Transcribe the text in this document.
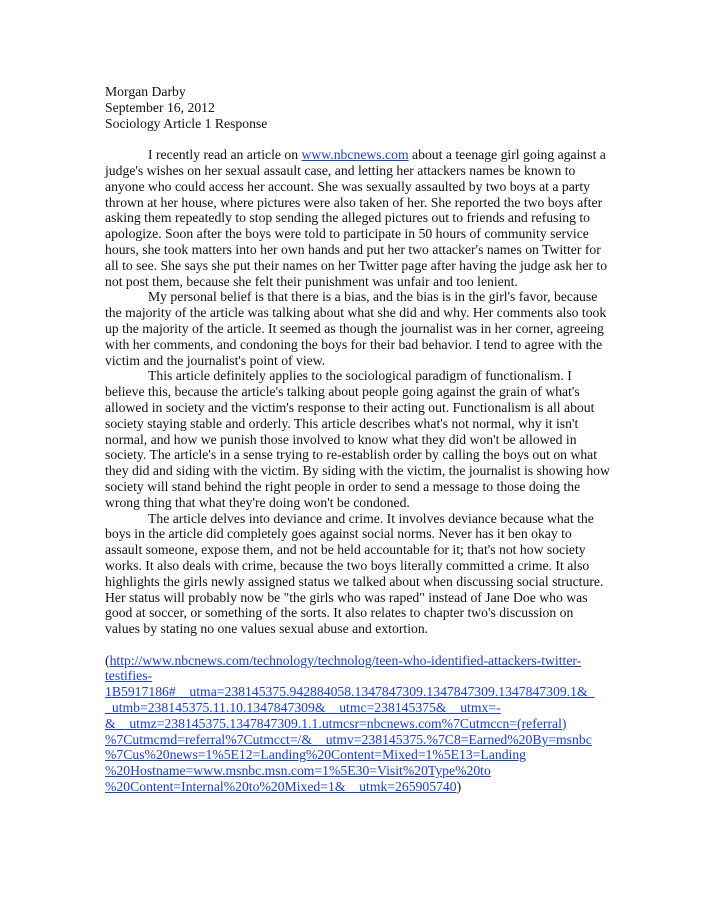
Morgan Darby
September 16, 2012
Sociology Article 1 Response

I recently read an article on www.nbcnews.com about a teenage girl going against a judge's wishes on her sexual assault case, and letting her attackers names be known to anyone who could access her account. She was sexually assaulted by two boys at a party thrown at her house, where pictures were also taken of her. She reported the two boys after asking them repeatedly to stop sending the alleged pictures out to friends and refusing to apologize. Soon after the boys were told to participate in 50 hours of community service hours, she took matters into her own hands and put her two attacker's names on Twitter for all to see. She says she put their names on her Twitter page after having the judge ask her to not post them, because she felt their punishment was unfair and too lenient.

My personal belief is that there is a bias, and the bias is in the girl's favor, because the majority of the article was talking about what she did and why. Her comments also took up the majority of the article. It seemed as though the journalist was in her corner, agreeing with her comments, and condoning the boys for their bad behavior. I tend to agree with the victim and the journalist's point of view.

This article definitely applies to the sociological paradigm of functionalism. I believe this, because the article's talking about people going against the grain of what's allowed in society and the victim's response to their acting out. Functionalism is all about society staying stable and orderly. This article describes what's not normal, why it isn't normal, and how we punish those involved to know what they did won't be allowed in society. The article's in a sense trying to re-establish order by calling the boys out on what they did and siding with the victim. By siding with the victim, the journalist is showing how society will stand behind the right people in order to send a message to those doing the wrong thing that what they're doing won't be condoned.

The article delves into deviance and crime. It involves deviance because what the boys in the article did completely goes against social norms. Never has it ben okay to assault someone, expose them, and not be held accountable for it; that's not how society works. It also deals with crime, because the two boys literally committed a crime. It also highlights the girls newly assigned status we talked about when discussing social structure. Her status will probably now be "the girls who was raped" instead of Jane Doe who was good at soccer, or something of the sorts. It also relates to chapter two's discussion on values by stating no one values sexual abuse and extortion.

(http://www.nbcnews.com/technology/technolog/teen-who-identified-attackers-twitter-
testifies-
1B5917186#__utma=238145375.942884058.1347847309.1347847309.1347847309.1&_
_utmb=238145375.11.10.1347847309&__utmc=238145375&__utmx=-
&__utmz=238145375.1347847309.1.1.utmcsr=nbcnews.com%7Cutmccn=(referral)
%7Cutmcmd=referral%7Cutmcct=/&__utmv=238145375.%7C8=Earned%20By=msnbc
%7Cus%20news=1%5E12=Landing%20Content=Mixed=1%5E13=Landing
%20Hostname=www.msnbc.msn.com=1%5E30=Visit%20Type%20to
%20Content=Internal%20to%20Mixed=1&__utmk=265905740)
